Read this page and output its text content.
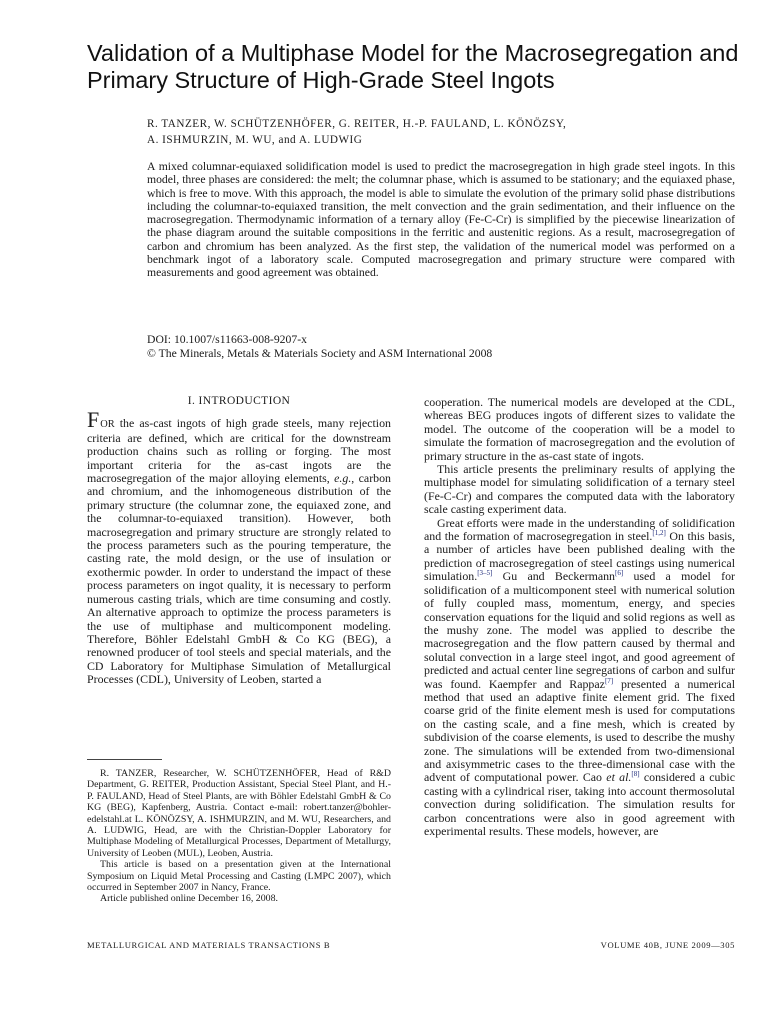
Validation of a Multiphase Model for the Macrosegregation and Primary Structure of High-Grade Steel Ingots
R. TANZER, W. SCHÜTZENHÖFER, G. REITER, H.-P. FAULAND, L. KÖNÖZSY,
A. ISHMURZIN, M. WU, and A. LUDWIG
A mixed columnar-equiaxed solidification model is used to predict the macrosegregation in high grade steel ingots. In this model, three phases are considered: the melt; the columnar phase, which is assumed to be stationary; and the equiaxed phase, which is free to move. With this approach, the model is able to simulate the evolution of the primary solid phase distributions including the columnar-to-equiaxed transition, the melt convection and the grain sedimentation, and their influence on the macrosegregation. Thermodynamic information of a ternary alloy (Fe-C-Cr) is simplified by the piecewise linearization of the phase diagram around the suitable compositions in the ferritic and austenitic regions. As a result, macrosegregation of carbon and chromium has been analyzed. As the first step, the validation of the numerical model was performed on a benchmark ingot of a laboratory scale. Computed macrosegregation and primary structure were compared with measurements and good agreement was obtained.
DOI: 10.1007/s11663-008-9207-x
© The Minerals, Metals & Materials Society and ASM International 2008
I. INTRODUCTION

FOR the as-cast ingots of high grade steels, many rejection criteria are defined, which are critical for the downstream production chains such as rolling or forging. The most important criteria for the as-cast ingots are the macrosegregation of the major alloying elements, e.g., carbon and chromium, and the inhomogeneous distribution of the primary structure (the columnar zone, the equiaxed zone, and the columnar-to-equiaxed transition). However, both macrosegregation and primary structure are strongly related to the process parameters such as the pouring temperature, the casting rate, the mold design, or the use of insulation or exothermic powder. In order to understand the impact of these process parameters on ingot quality, it is necessary to perform numerous casting trials, which are time consuming and costly. An alternative approach to optimize the process parameters is the use of multiphase and multicomponent modeling. Therefore, Böhler Edelstahl GmbH & Co KG (BEG), a renowned producer of tool steels and special materials, and the CD Laboratory for Multiphase Simulation of Metallurgical Processes (CDL), University of Leoben, started a

cooperation. The numerical models are developed at the CDL, whereas BEG produces ingots of different sizes to validate the model. The outcome of the cooperation will be a model to simulate the formation of macrosegregation and the evolution of primary structure in the as-cast state of ingots.

This article presents the preliminary results of applying the multiphase model for simulating solidification of a ternary steel (Fe-C-Cr) and compares the computed data with the laboratory scale casting experiment data.

Great efforts were made in the understanding of solidification and the formation of macrosegregation in steel.[1,2] On this basis, a number of articles have been published dealing with the prediction of macrosegregation of steel castings using numerical simulation.[3–5] Gu and Beckermann[6] used a model for solidification of a multicomponent steel with numerical solution of fully coupled mass, momentum, energy, and species conservation equations for the liquid and solid regions as well as the mushy zone. The model was applied to describe the macrosegregation and the flow pattern caused by thermal and solutal convection in a large steel ingot, and good agreement of predicted and actual center line segregations of carbon and sulfur was found. Kaempfer and Rappaz[7] presented a numerical method that used an adaptive finite element grid. The fixed coarse grid of the finite element mesh is used for computations on the casting scale, and a fine mesh, which is created by subdivision of the coarse elements, is used to describe the mushy zone. The simulations will be extended from two-dimensional and axisymmetric cases to the three-dimensional case with the advent of computational power. Cao et al.[8] considered a cubic casting with a cylindrical riser, taking into account thermosolutal convection during solidification. The simulation results for carbon concentrations were also in good agreement with experimental results. These models, however, are

R. TANZER, Researcher, W. SCHÜTZENHÖFER, Head of R&D Department, G. REITER, Production Assistant, Special Steel Plant, and H.-P. FAULAND, Head of Steel Plants, are with Böhler Edelstahl GmbH & Co KG (BEG), Kapfenberg, Austria. Contact e-mail: robert.tanzer@bohler-edelstahl.at L. KÖNÖZSY, A. ISHMURZIN, and M. WU, Researchers, and A. LUDWIG, Head, are with the Christian-Doppler Laboratory for Multiphase Modeling of Metallurgical Processes, Department of Metallurgy, University of Leoben (MUL), Leoben, Austria.

This article is based on a presentation given at the International Symposium on Liquid Metal Processing and Casting (LMPC 2007), which occurred in September 2007 in Nancy, France.

Article published online December 16, 2008.

METALLURGICAL AND MATERIALS TRANSACTIONS B	VOLUME 40B, JUNE 2009—305
